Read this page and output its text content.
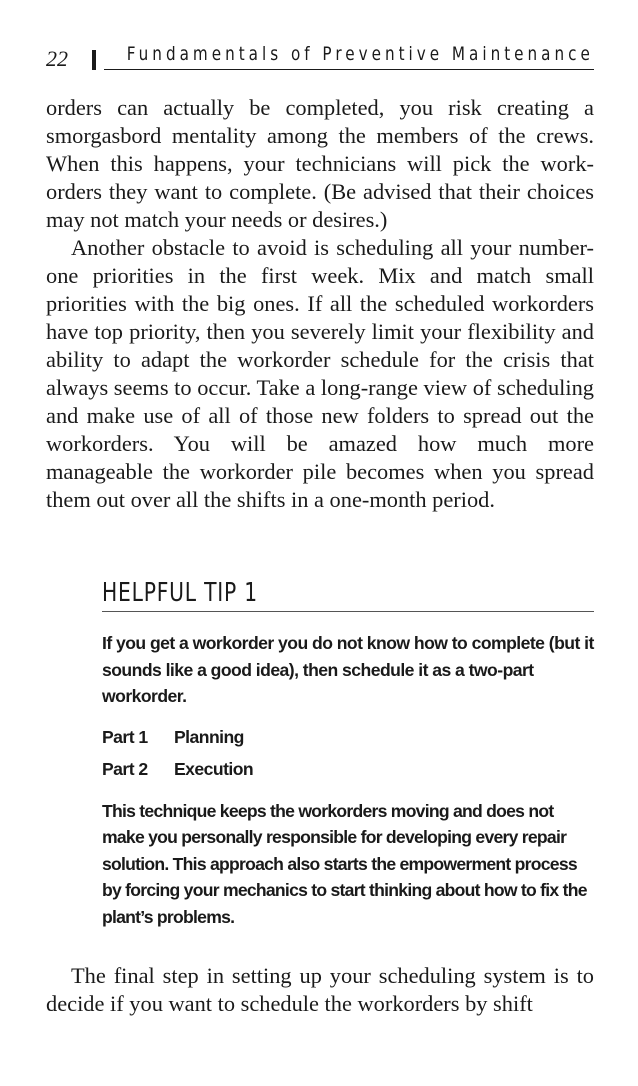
22	Fundamentals of Preventive Maintenance
orders can actually be completed, you risk creating a smorgasbord mentality among the members of the crews. When this happens, your technicians will pick the workorders they want to complete. (Be advised that their choices may not match your needs or desires.)
Another obstacle to avoid is scheduling all your number-one priorities in the first week. Mix and match small priorities with the big ones. If all the scheduled workorders have top priority, then you severely limit your flexibility and ability to adapt the workorder schedule for the crisis that always seems to occur. Take a long-range view of scheduling and make use of all of those new folders to spread out the workorders. You will be amazed how much more manageable the workorder pile becomes when you spread them out over all the shifts in a one-month period.
HELPFUL TIP 1

If you get a workorder you do not know how to complete (but it sounds like a good idea), then schedule it as a two-part workorder.

Part 1	Planning
Part 2	Execution

This technique keeps the workorders moving and does not make you personally responsible for developing every repair solution. This approach also starts the empowerment process by forcing your mechanics to start thinking about how to fix the plant’s problems.

The final step in setting up your scheduling system is to decide if you want to schedule the workorders by shift
